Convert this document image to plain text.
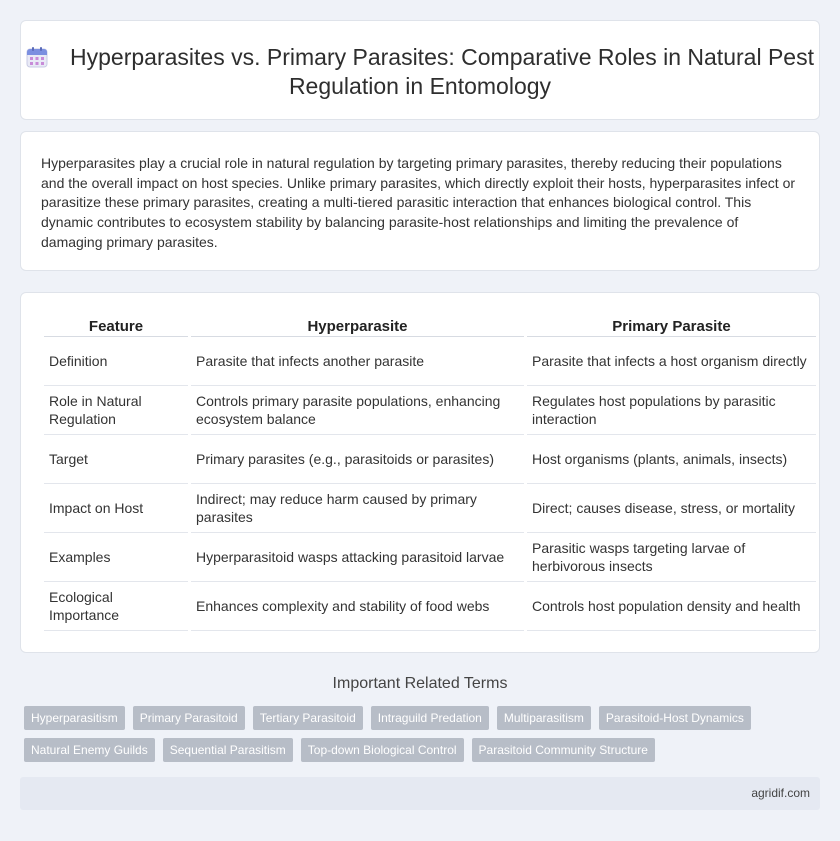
Hyperparasites vs. Primary Parasites: Comparative Roles in Natural Pest Regulation in Entomology

Hyperparasites play a crucial role in natural regulation by targeting primary parasites, thereby reducing their populations and the overall impact on host species. Unlike primary parasites, which directly exploit their hosts, hyperparasites infect or parasitize these primary parasites, creating a multi-tiered parasitic interaction that enhances biological control. This dynamic contributes to ecosystem stability by balancing parasite-host relationships and limiting the prevalence of damaging primary parasites.

Feature	Hyperparasite	Primary Parasite
Definition	Parasite that infects another parasite	Parasite that infects a host organism directly
Role in Natural Regulation	Controls primary parasite populations, enhancing ecosystem balance	Regulates host populations by parasitic interaction
Target	Primary parasites (e.g., parasitoids or parasites)	Host organisms (plants, animals, insects)
Impact on Host	Indirect; may reduce harm caused by primary parasites	Direct; causes disease, stress, or mortality
Examples	Hyperparasitoid wasps attacking parasitoid larvae	Parasitic wasps targeting larvae of herbivorous insects
Ecological Importance	Enhances complexity and stability of food webs	Controls host population density and health
Important Related Terms
Hyperparasitism Primary Parasitoid Tertiary Parasitoid Intraguild Predation Multiparasitism Parasitoid-Host Dynamics
Natural Enemy Guilds Sequential Parasitism Top-down Biological Control Parasitoid Community Structure
agridif.com
